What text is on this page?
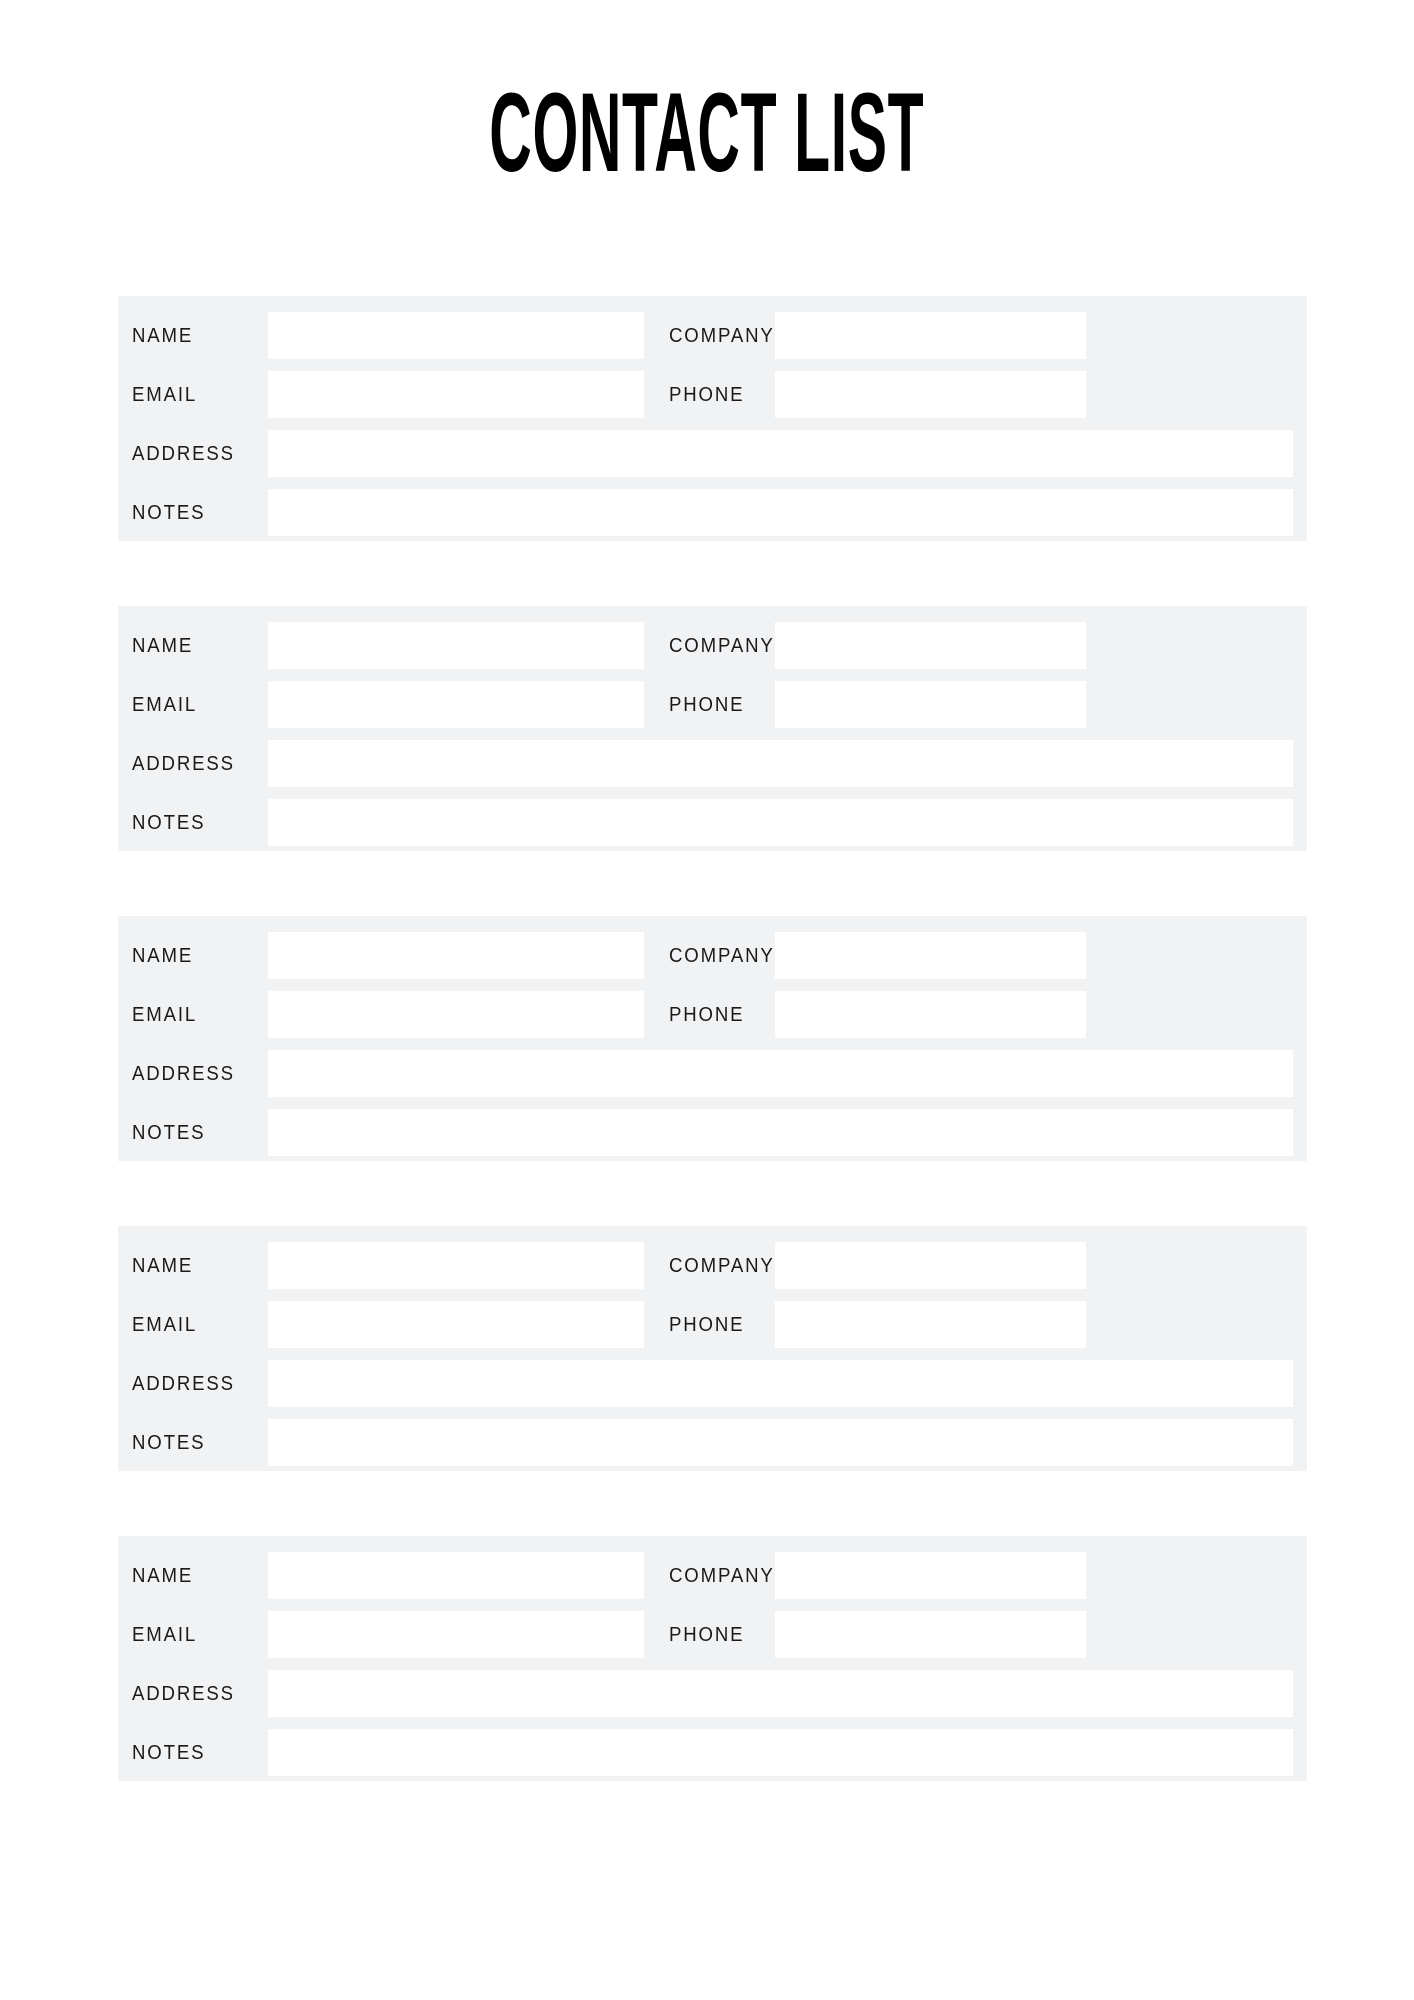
CONTACT LIST
NAME	COMPANY
EMAIL	PHONE
ADDRESS
NOTES
NAME	COMPANY
EMAIL	PHONE
ADDRESS
NOTES
NAME	COMPANY
EMAIL	PHONE
ADDRESS
NOTES
NAME	COMPANY
EMAIL	PHONE
ADDRESS
NOTES
NAME	COMPANY
EMAIL	PHONE
ADDRESS
NOTES
